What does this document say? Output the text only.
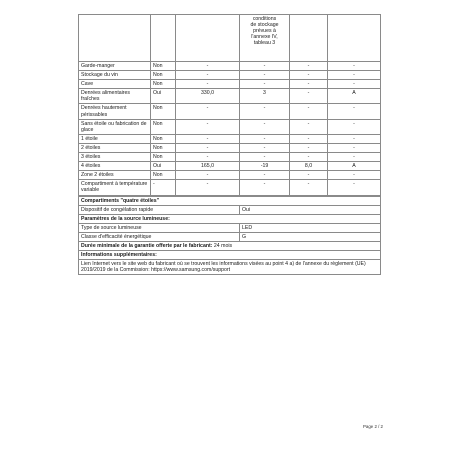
			conditions
de stockage
prévues à
l'annexe IV,
tableau 3		

Garde-manger	Non	-	-	-	-
Stockage du vin	Non	-	-	-	-
Cave	Non	-	-	-	-
Denrées alimentaires fraîches	Oui	330,0	3	-	A
Denrées hautement périssables	Non	-	-	-	-
Sans étoile ou fabrication de glace	Non	-	-	-	-
1 étoile	Non	-	-	-	-
2 étoiles	Non	-	-	-	-
3 étoiles	Non	-	-	-	-
4 étoiles	Oui	165,0	-19	8,0	A
Zone 2 étoiles	Non	-	-	-	-
Compartiment à température variable	-	-	-	-	-
Compartiments "quatre étoiles"	
Dispositif de congélation rapide	Oui
Paramètres de la source lumineuse:	
Type de source lumineuse	LED
Classe d'efficacité énergétique	G
Durée minimale de la garantie offerte par le fabricant: 24 mois	
Informations supplémentaires:	
Lien Internet vers le site web du fabricant où se trouvent les informations visées au point 4 a) de l'annexe du règlement (UE) 2019/2019 de la Commission: https://www.samsung.com/support	
Page 2 / 2
